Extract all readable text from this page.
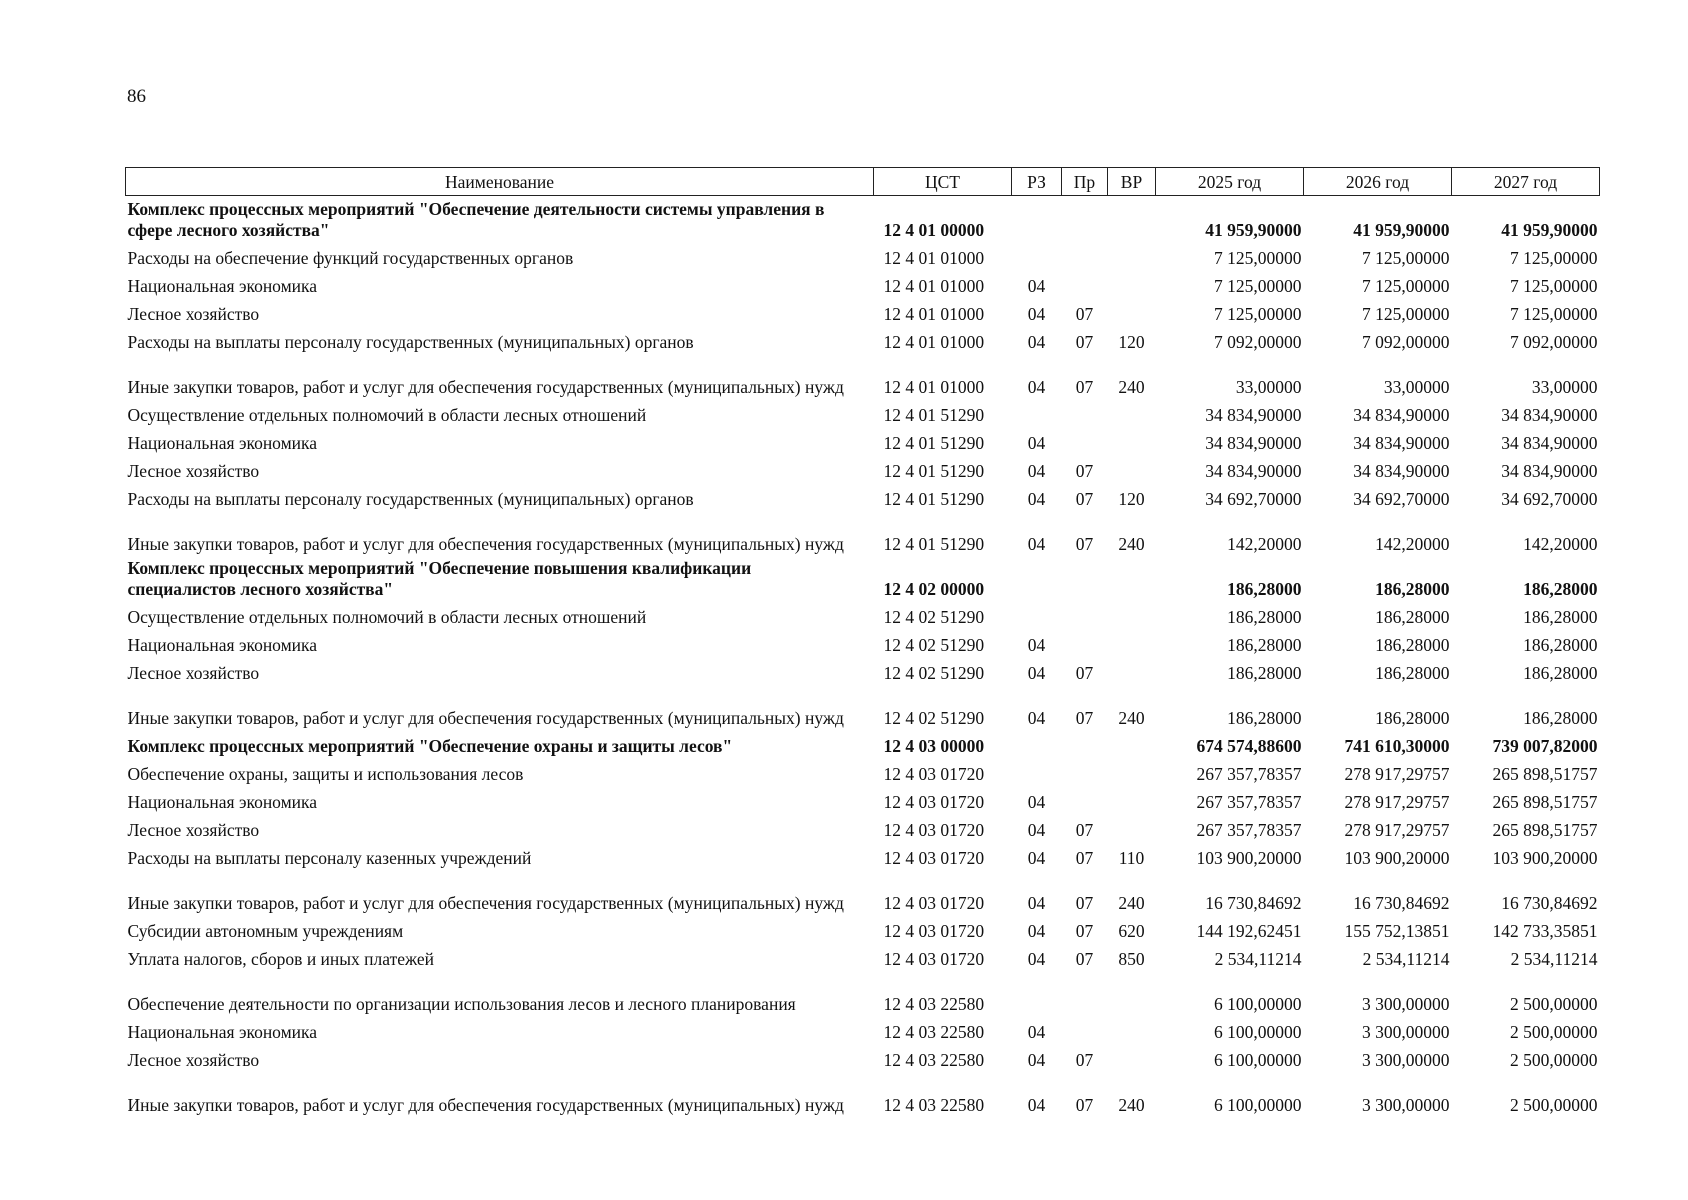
86
Наименование	ЦСТ	РЗ	Пр	ВР	2025 год	2026 год	2027 год
Комплекс процессных мероприятий "Обеспечение деятельности системы управления в сфере лесного хозяйства"	12 4 01 00000				41 959,90000	41 959,90000	41 959,90000
Расходы на обеспечение функций государственных органов	12 4 01 01000				7 125,00000	7 125,00000	7 125,00000
Национальная экономика	12 4 01 01000	04			7 125,00000	7 125,00000	7 125,00000
Лесное хозяйство	12 4 01 01000	04	07		7 125,00000	7 125,00000	7 125,00000
Расходы на выплаты персоналу государственных (муниципальных) органов	12 4 01 01000	04	07	120	7 092,00000	7 092,00000	7 092,00000
Иные закупки товаров, работ и услуг для обеспечения государственных (муниципальных) нужд	12 4 01 01000	04	07	240	33,00000	33,00000	33,00000
Осуществление отдельных полномочий в области лесных отношений	12 4 01 51290				34 834,90000	34 834,90000	34 834,90000
Национальная экономика	12 4 01 51290	04			34 834,90000	34 834,90000	34 834,90000
Лесное хозяйство	12 4 01 51290	04	07		34 834,90000	34 834,90000	34 834,90000
Расходы на выплаты персоналу государственных (муниципальных) органов	12 4 01 51290	04	07	120	34 692,70000	34 692,70000	34 692,70000
Иные закупки товаров, работ и услуг для обеспечения государственных (муниципальных) нужд	12 4 01 51290	04	07	240	142,20000	142,20000	142,20000
Комплекс процессных мероприятий "Обеспечение повышения квалификации специалистов лесного хозяйства"	12 4 02 00000				186,28000	186,28000	186,28000
Осуществление отдельных полномочий в области лесных отношений	12 4 02 51290				186,28000	186,28000	186,28000
Национальная экономика	12 4 02 51290	04			186,28000	186,28000	186,28000
Лесное хозяйство	12 4 02 51290	04	07		186,28000	186,28000	186,28000
Иные закупки товаров, работ и услуг для обеспечения государственных (муниципальных) нужд	12 4 02 51290	04	07	240	186,28000	186,28000	186,28000
Комплекс процессных мероприятий "Обеспечение охраны и защиты лесов"	12 4 03 00000				674 574,88600	741 610,30000	739 007,82000
Обеспечение охраны, защиты и использования лесов	12 4 03 01720				267 357,78357	278 917,29757	265 898,51757
Национальная экономика	12 4 03 01720	04			267 357,78357	278 917,29757	265 898,51757
Лесное хозяйство	12 4 03 01720	04	07		267 357,78357	278 917,29757	265 898,51757
Расходы на выплаты персоналу казенных учреждений	12 4 03 01720	04	07	110	103 900,20000	103 900,20000	103 900,20000
Иные закупки товаров, работ и услуг для обеспечения государственных (муниципальных) нужд	12 4 03 01720	04	07	240	16 730,84692	16 730,84692	16 730,84692
Субсидии автономным учреждениям	12 4 03 01720	04	07	620	144 192,62451	155 752,13851	142 733,35851
Уплата налогов, сборов и иных платежей	12 4 03 01720	04	07	850	2 534,11214	2 534,11214	2 534,11214
Обеспечение деятельности по организации использования лесов и лесного планирования	12 4 03 22580				6 100,00000	3 300,00000	2 500,00000
Национальная экономика	12 4 03 22580	04			6 100,00000	3 300,00000	2 500,00000
Лесное хозяйство	12 4 03 22580	04	07		6 100,00000	3 300,00000	2 500,00000
Иные закупки товаров, работ и услуг для обеспечения государственных (муниципальных) нужд	12 4 03 22580	04	07	240	6 100,00000	3 300,00000	2 500,00000
